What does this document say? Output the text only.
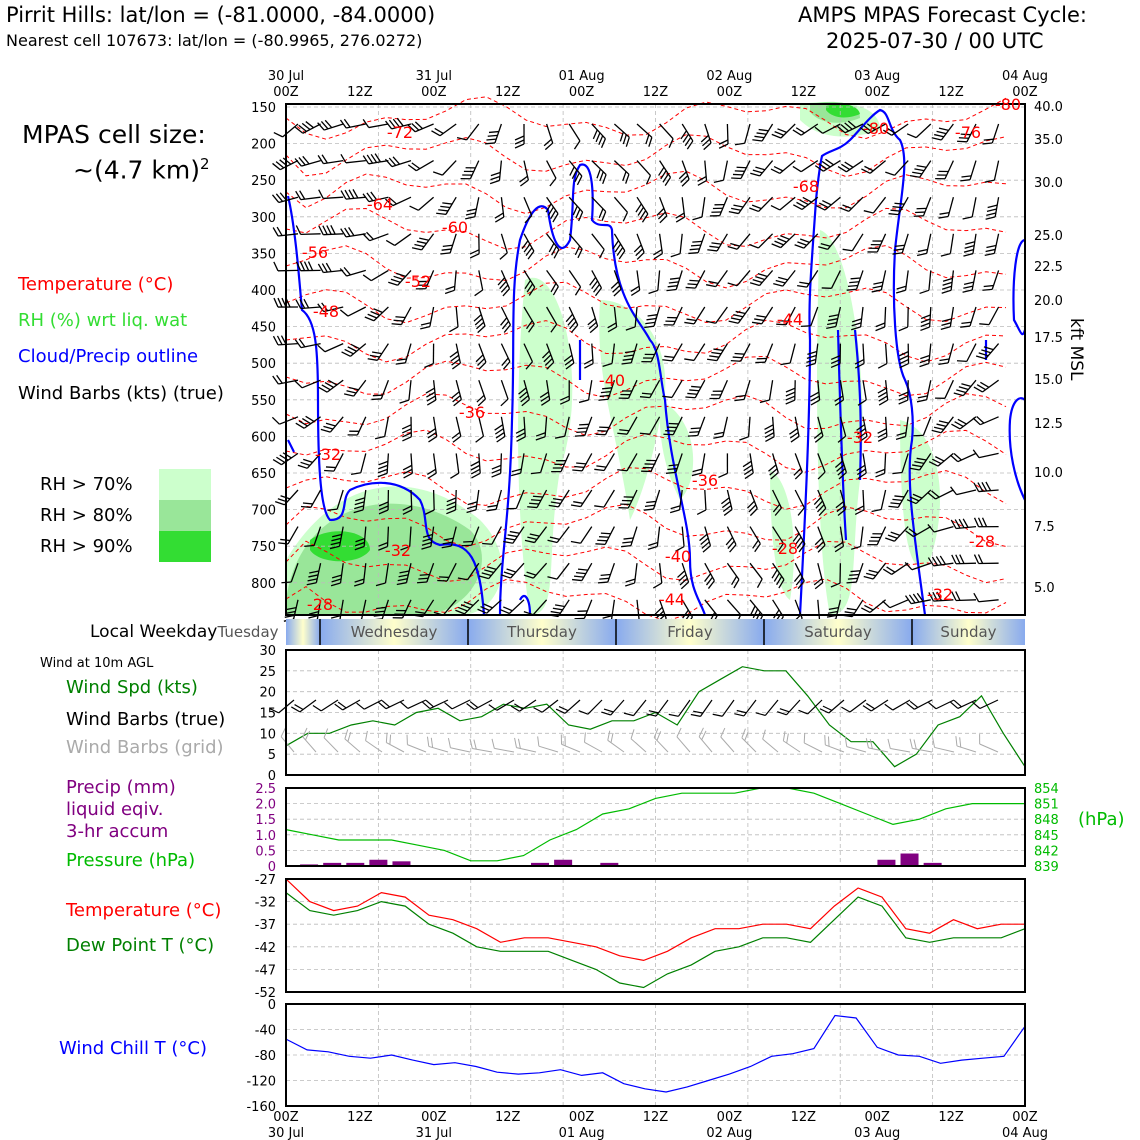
Pirrit Hills: lat/lon = (-81.0000, -84.0000)
Nearest cell 107673: lat/lon = (-80.9965, 276.0272)
AMPS MPAS Forecast Cycle:
2025-07-30 / 00 UTC
MPAS cell size:
~(4.7 km)$^2$
Temperature (°C)
RH (%) wrt liq. wat
Cloud/Precip outline
Wind Barbs (kts) (true)
RH > 70%
RH > 80%
RH > 90%
Local Weekday
Wind at 10m AGL
Wind Spd (kts)
Wind Barbs (true)
Wind Barbs (grid)
Precip (mm)
liquid eqiv.
3-hr accum
Pressure (hPa)
(hPa)
Temperature (°C)
Dew Point T (°C)
Wind Chill T (°C)
kft MSL
150
200
250
300
350
400
450
500
550
600
650
700
750
800
-72
-64
-60
-56
-52
-48	-44
-40
-36
-36
-32
-32
-32
-28
-28	-28
-40
-44	-32
-68
-80	-76
-80 40.0
35.0
30.0
25.0
22.5
20.0
17.5
15.0
12.5
10.0
7.5
5.0
30 Jul
00Z	12Z
31 Jul
00Z	12Z
01 Aug
00Z	12Z
02 Aug
00Z	12Z
03 Aug
00Z	12Z
04 Aug
00Z
Tuesday	Wednesday	Thursday	Friday	Saturday	Sunday
30
25
20
15
10
5
0
2.5
2.0
1.5
1.0
0.5
0
854
851
848
845
842
839
-27
-32
-37
-42
-47
-52
0
-40
-80
-120
-160
00Z
30 Jul
12Z	00Z
31 Jul
12Z	00Z
01 Aug
12Z	00Z
02 Aug
12Z	00Z
03 Aug
12Z	00Z
04 Aug
